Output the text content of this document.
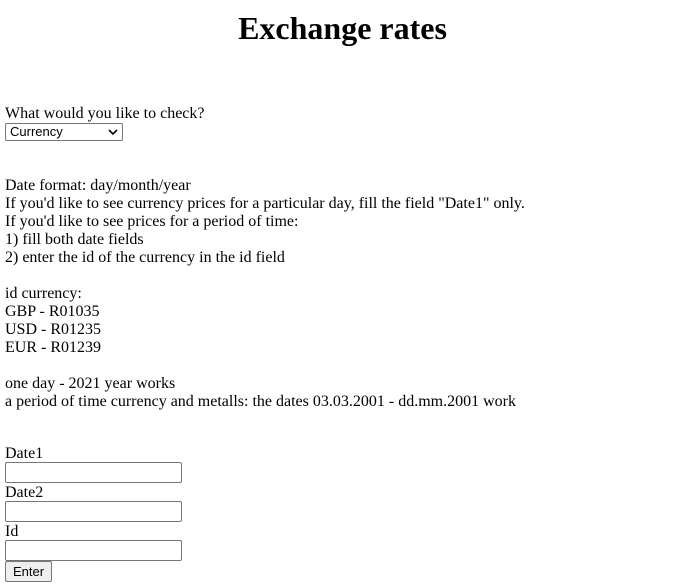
Exchange rates
What would you like to check?
Currency
Date format: day/month/year
If you'd like to see currency prices for a particular day, fill the field "Date1" only.
If you'd like to see prices for a period of time:
1) fill both date fields
2) enter the id of the currency in the id field
id currency:
GBP - R01035
USD - R01235
EUR - R01239
one day - 2021 year works
a period of time currency and metalls: the dates 03.03.2001 - dd.mm.2001 work
Date1
Date2
Id
Enter
